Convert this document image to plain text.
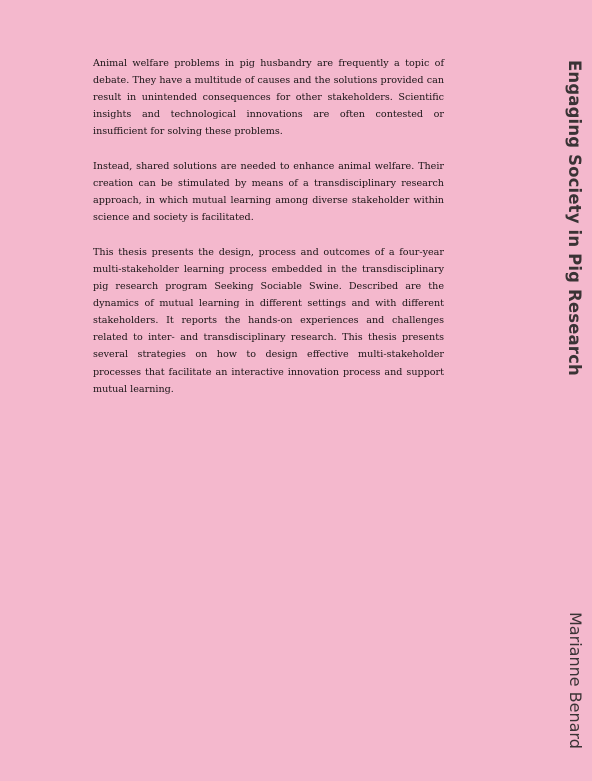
Animal welfare problems in pig husbandry are frequently a topic of debate. They have a multitude of causes and the solutions provided can result in unintended consequences for other stakeholders. Scientific insights and technological innovations are often contested or insufficient for solving these problems.

Instead, shared solutions are needed to enhance animal welfare. Their creation can be stimulated by means of a transdisciplinary research approach, in which mutual learning among diverse stakeholder within science and society is facilitated.

This thesis presents the design, process and outcomes of a four-year multi-stakeholder learning process embedded in the transdisciplinary pig research program Seeking Sociable Swine. Described are the dynamics of mutual learning in different settings and with different stakeholders. It reports the hands-on experiences and challenges related to inter- and transdisciplinary research. This thesis presents several strategies on how to design effective multi-stakeholder processes that facilitate an interactive innovation process and support mutual learning.

Engaging Society in Pig Research
Marianne Benard
